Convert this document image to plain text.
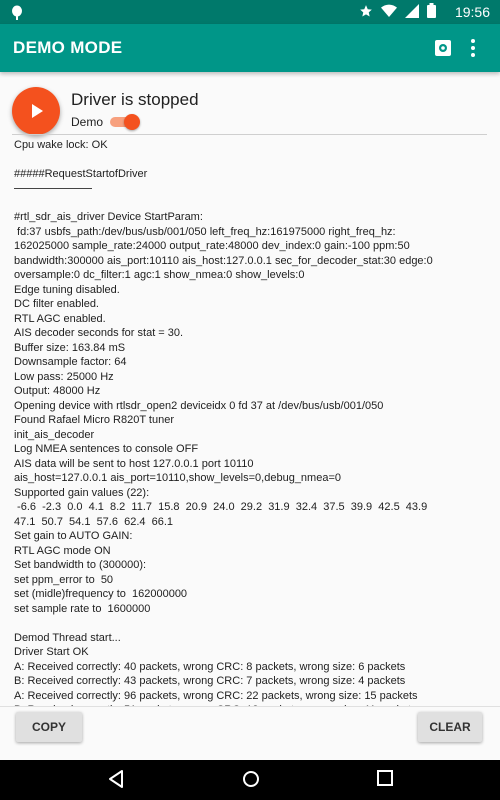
19:56
DEMO MODE
Driver is stopped
Demo
Cpu wake lock: OK
#####RequestStartofDriver
#rtl_sdr_ais_driver Device StartParam:
fd:37 usbfs_path:/dev/bus/usb/001/050 left_freq_hz:161975000 right_freq_hz:
162025000 sample_rate:24000 output_rate:48000 dev_index:0 gain:-100 ppm:50
bandwidth:300000 ais_port:10110 ais_host:127.0.0.1 sec_for_decoder_stat:30 edge:0
oversample:0 dc_filter:1 agc:1 show_nmea:0 show_levels:0
Edge tuning disabled.
DC filter enabled.
RTL AGC enabled.
AIS decoder seconds for stat = 30.
Buffer size: 163.84 mS
Downsample factor: 64
Low pass: 25000 Hz
Output: 48000 Hz
Opening device with rtlsdr_open2 deviceidx 0 fd 37 at /dev/bus/usb/001/050
Found Rafael Micro R820T tuner
init_ais_decoder
Log NMEA sentences to console OFF
AIS data will be sent to host 127.0.0.1 port 10110
ais_host=127.0.0.1 ais_port=10110,show_levels=0,debug_nmea=0
Supported gain values (22):
-6.6  -2.3  0.0  4.1  8.2  11.7  15.8  20.9  24.0  29.2  31.9  32.4  37.5  39.9  42.5  43.9
47.1  50.7  54.1  57.6  62.4  66.1
Set gain to AUTO GAIN:
RTL AGC mode ON
Set bandwidth to (300000):
set ppm_error to  50
set (midle)frequency to  162000000
set sample rate to  1600000
Demod Thread start...
Driver Start OK
A: Received correctly: 40 packets, wrong CRC: 8 packets, wrong size: 6 packets
B: Received correctly: 43 packets, wrong CRC: 7 packets, wrong size: 4 packets
A: Received correctly: 96 packets, wrong CRC: 22 packets, wrong size: 15 packets
COPY	CLEAR
